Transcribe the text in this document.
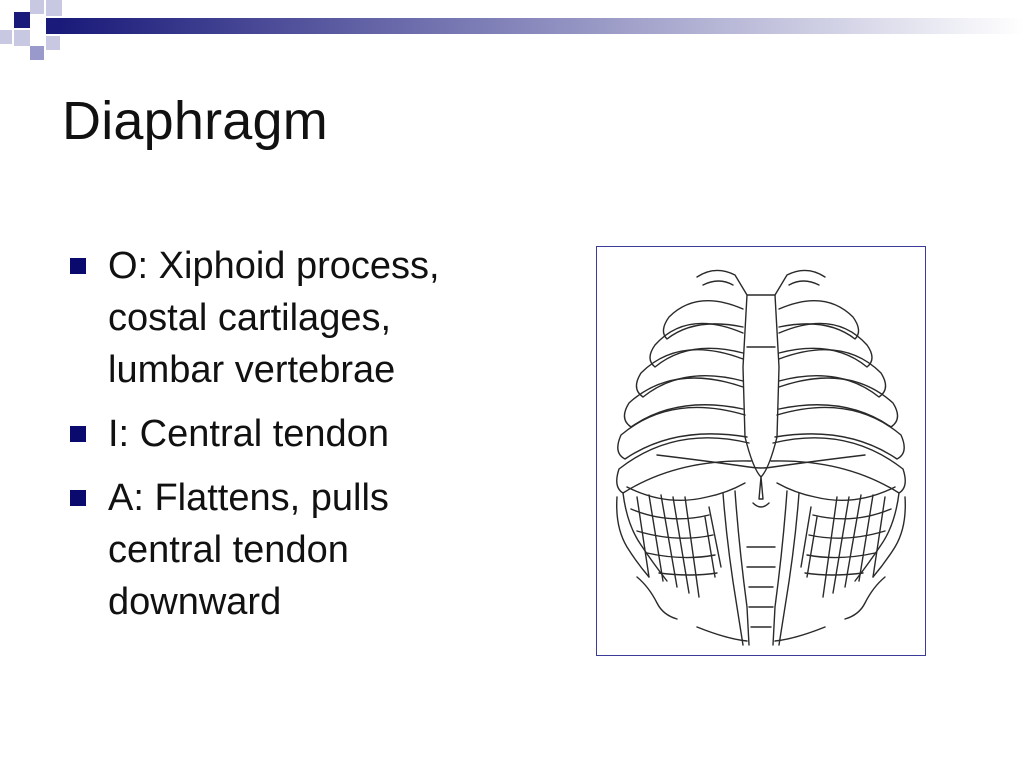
Diaphragm
O: Xiphoid process,
costal cartilages,
lumbar vertebrae
I: Central tendon
A: Flattens, pulls
central tendon
downward
